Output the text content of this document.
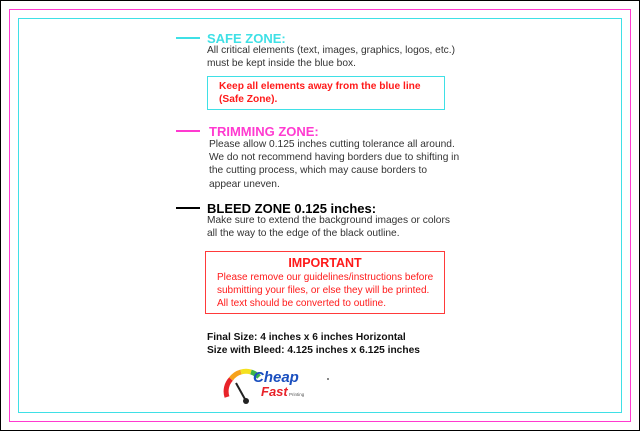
SAFE ZONE:
All critical elements (text, images, graphics, logos, etc.)
must be kept inside the blue box.
Keep all elements away from the blue line
(Safe Zone).
TRIMMING ZONE:
Please allow 0.125 inches cutting tolerance all around.
We do not recommend having borders due to shifting in
the cutting process, which may cause borders to
appear uneven.
BLEED ZONE 0.125 inches:
Make sure to extend the background images or colors
all the way to the edge of the black outline.
IMPORTANT
Please remove our guidelines/instructions before
submitting your files, or else they will be printed.
All text should be converted to outline.
Final Size: 4 inches x 6 inches Horizontal
Size with Bleed: 4.125 inches x 6.125 inches
Cheap
Fast Printing
